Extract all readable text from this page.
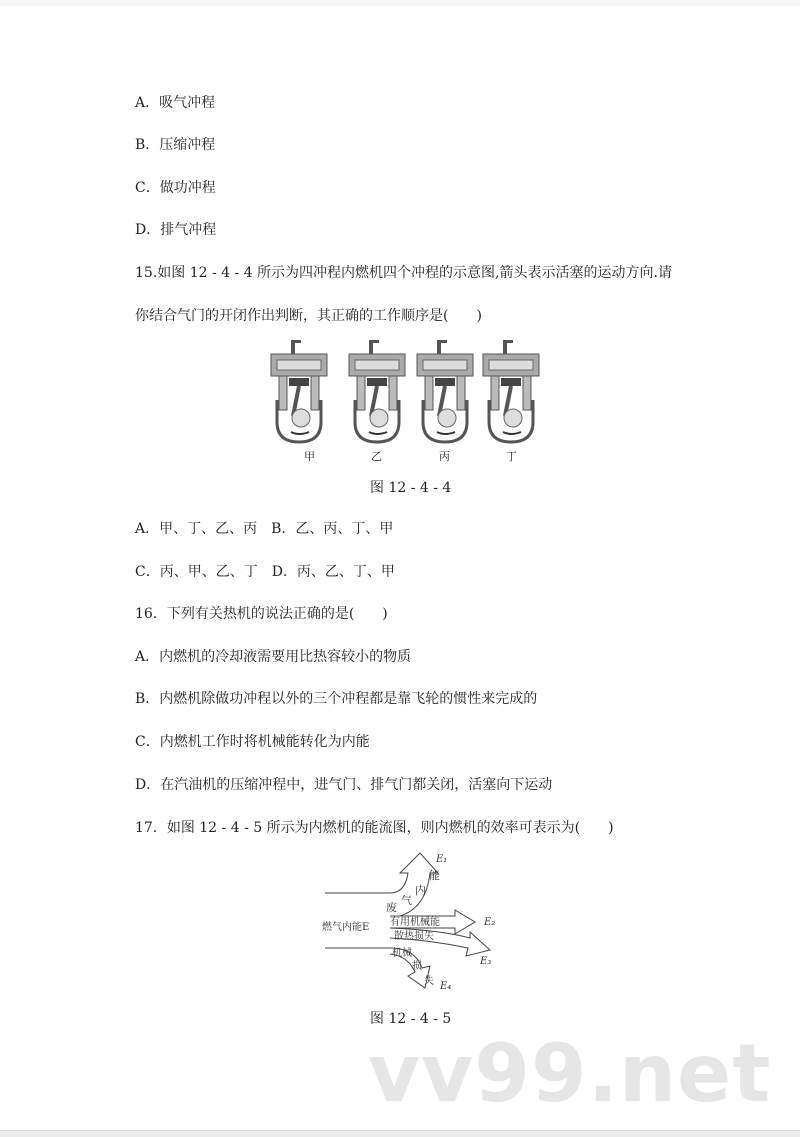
A．吸气冲程
B．压缩冲程
C．做功冲程
D．排气冲程
15.如图 12 - 4 - 4 所示为四冲程内燃机四个冲程的示意图,箭头表示活塞的运动方向.请
你结合气门的开闭作出判断，其正确的工作顺序是(　　)
甲	乙	丙	丁
图 12 - 4 - 4
A．甲、丁、乙、丙　B．乙、丙、丁、甲
C．丙、甲、乙、丁　D．丙、乙、丁、甲
16．下列有关热机的说法正确的是(　　)
A．内燃机的冷却液需要用比热容较小的物质
B．内燃机除做功冲程以外的三个冲程都是靠飞轮的惯性来完成的
C．内燃机工作时将机械能转化为内能
D．在汽油机的压缩冲程中，进气门、排气门都关闭，活塞向下运动
17．如图 12 - 4 - 5 所示为内燃机的能流图，则内燃机的效率可表示为(　　)
能
内
气
废
燃气内能E 有用机械能
散热损失
机械
损
失
E₁
E₂
E₃
E₄
图 12 - 4 - 5
vv99.net
